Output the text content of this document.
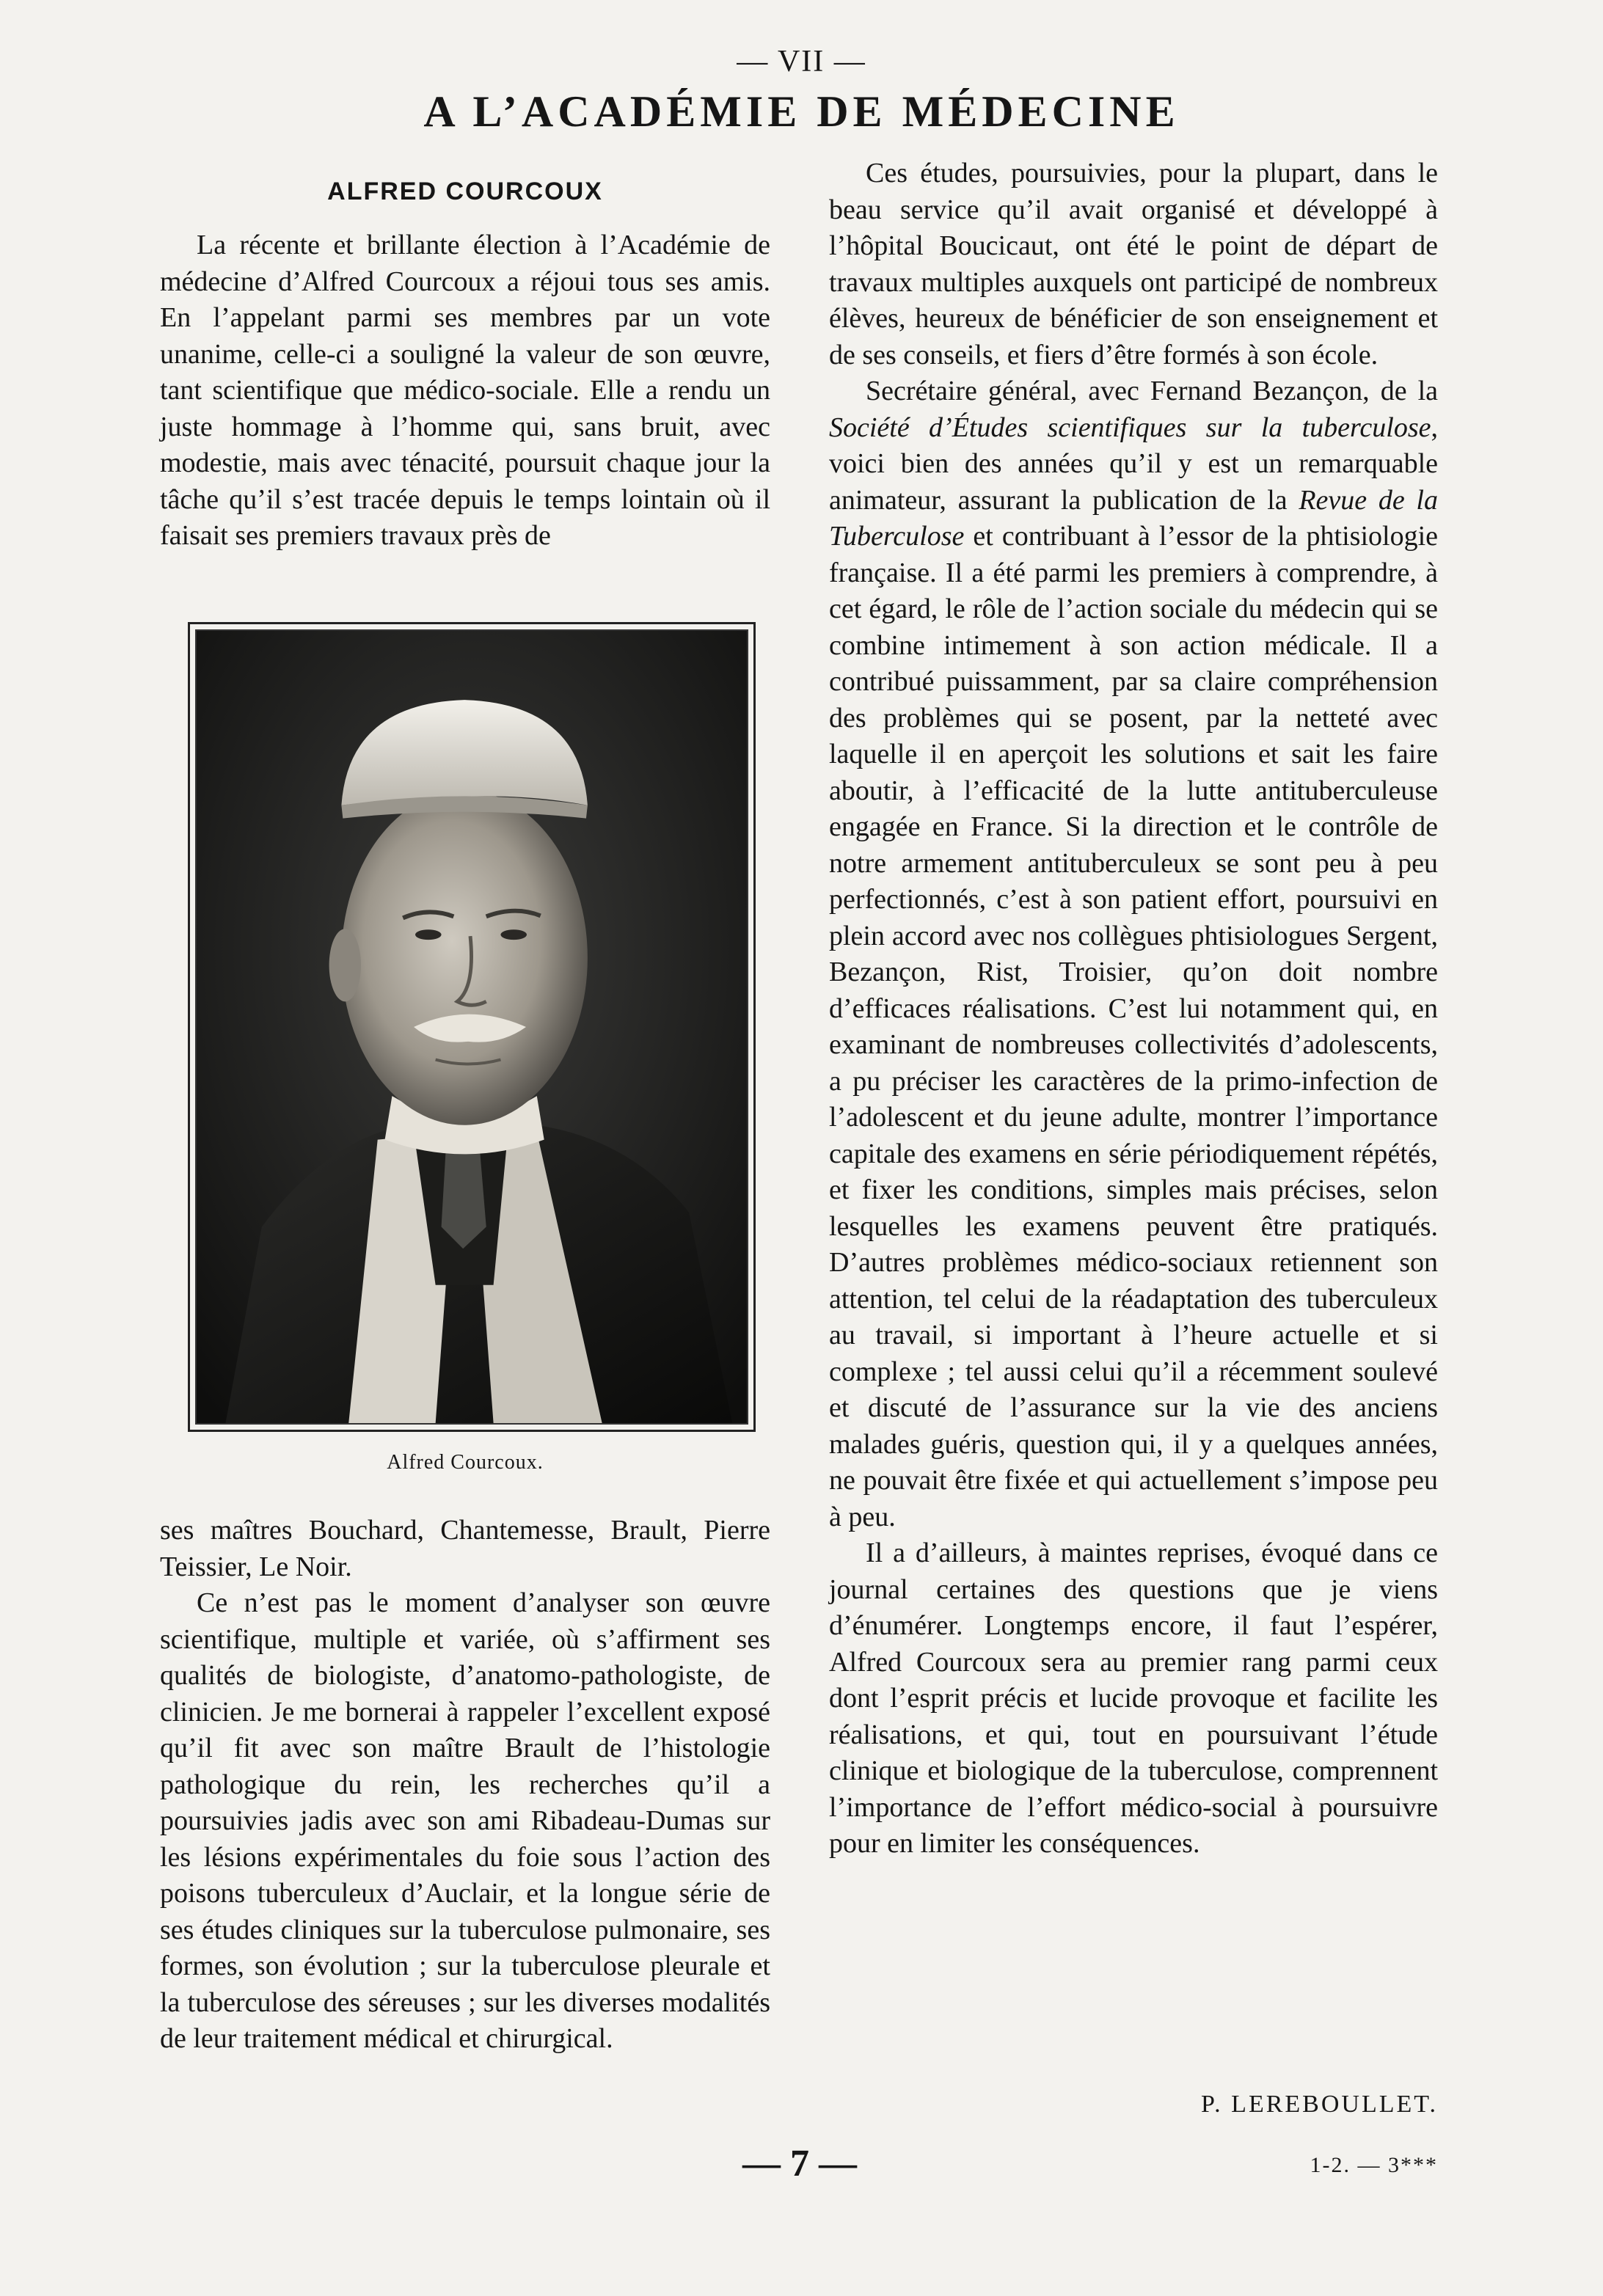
— VII —
A L’ACADÉMIE DE MÉDECINE
ALFRED COURCOUX

La récente et brillante élection à l’Académie de médecine d’Alfred Courcoux a réjoui tous ses amis. En l’appelant parmi ses membres par un vote unanime, celle-ci a souligné la valeur de son œuvre, tant scientifique que médico-sociale. Elle a rendu un juste hommage à l’homme qui, sans bruit, avec modestie, mais avec ténacité, poursuit chaque jour la tâche qu’il s’est tracée depuis le temps lointain où il faisait ses premiers travaux près de

Alfred Courcoux.

ses maîtres Bouchard, Chantemesse, Brault, Pierre Teissier, Le Noir.

Ce n’est pas le moment d’analyser son œuvre scientifique, multiple et variée, où s’affirment ses qualités de biologiste, d’anatomo-pathologiste, de clinicien. Je me bornerai à rappeler l’excellent exposé qu’il fit avec son maître Brault de l’histologie pathologique du rein, les recherches qu’il a poursuivies jadis avec son ami Ribadeau-Dumas sur les lésions expérimentales du foie sous l’action des poisons tuberculeux d’Auclair, et la longue série de ses études cliniques sur la tuberculose pulmonaire, ses formes, son évolution ; sur la tuberculose pleurale et la tuberculose des séreuses ; sur les diverses modalités de leur traitement médical et chirurgical.

Ces études, poursuivies, pour la plupart, dans le beau service qu’il avait organisé et développé à l’hôpital Boucicaut, ont été le point de départ de travaux multiples auxquels ont participé de nombreux élèves, heureux de bénéficier de son enseignement et de ses conseils, et fiers d’être formés à son école.

Secrétaire général, avec Fernand Bezançon, de la Société d’Études scientifiques sur la tuberculose, voici bien des années qu’il y est un remarquable animateur, assurant la publication de la Revue de la Tuberculose et contribuant à l’essor de la phtisiologie française. Il a été parmi les premiers à comprendre, à cet égard, le rôle de l’action sociale du médecin qui se combine intimement à son action médicale. Il a contribué puissamment, par sa claire compréhension des problèmes qui se posent, par la netteté avec laquelle il en aperçoit les solutions et sait les faire aboutir, à l’efficacité de la lutte antituberculeuse engagée en France. Si la direction et le contrôle de notre armement antituberculeux se sont peu à peu perfectionnés, c’est à son patient effort, poursuivi en plein accord avec nos collègues phtisiologues Sergent, Bezançon, Rist, Troisier, qu’on doit nombre d’efficaces réalisations. C’est lui notamment qui, en examinant de nombreuses collectivités d’adolescents, a pu préciser les caractères de la primo-infection de l’adolescent et du jeune adulte, montrer l’importance capitale des examens en série périodiquement répétés, et fixer les conditions, simples mais précises, selon lesquelles les examens peuvent être pratiqués. D’autres problèmes médico-sociaux retiennent son attention, tel celui de la réadaptation des tuberculeux au travail, si important à l’heure actuelle et si complexe ; tel aussi celui qu’il a récemment soulevé et discuté de l’assurance sur la vie des anciens malades guéris, question qui, il y a quelques années, ne pouvait être fixée et qui actuellement s’impose peu à peu.

Il a d’ailleurs, à maintes reprises, évoqué dans ce journal certaines des questions que je viens d’énumérer. Longtemps encore, il faut l’espérer, Alfred Courcoux sera au premier rang parmi ceux dont l’esprit précis et lucide provoque et facilite les réalisations, et qui, tout en poursuivant l’étude clinique et biologique de la tuberculose, comprennent l’importance de l’effort médico-social à poursuivre pour en limiter les conséquences.

P. LEREBOULLET.
— 7 —	1-2. — 3***
